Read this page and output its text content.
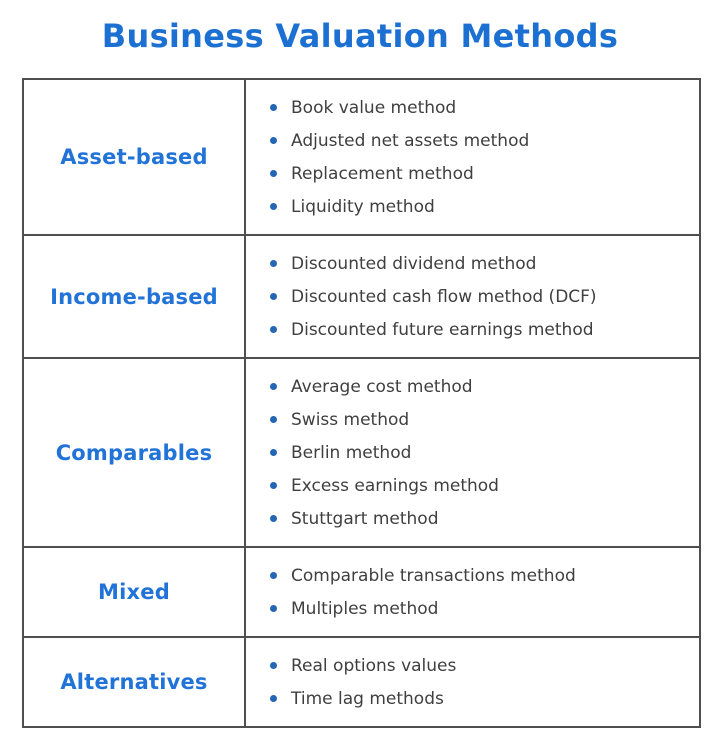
Business Valuation Methods
Asset-based
Book value method
Adjusted net assets method
Replacement method
Liquidity method
Income-based
Discounted dividend method
Discounted cash flow method (DCF)
Discounted future earnings method
Comparables
Average cost method
Swiss method
Berlin method
Excess earnings method
Stuttgart method
Mixed
Comparable transactions method
Multiples method
Alternatives
Real options values
Time lag methods
